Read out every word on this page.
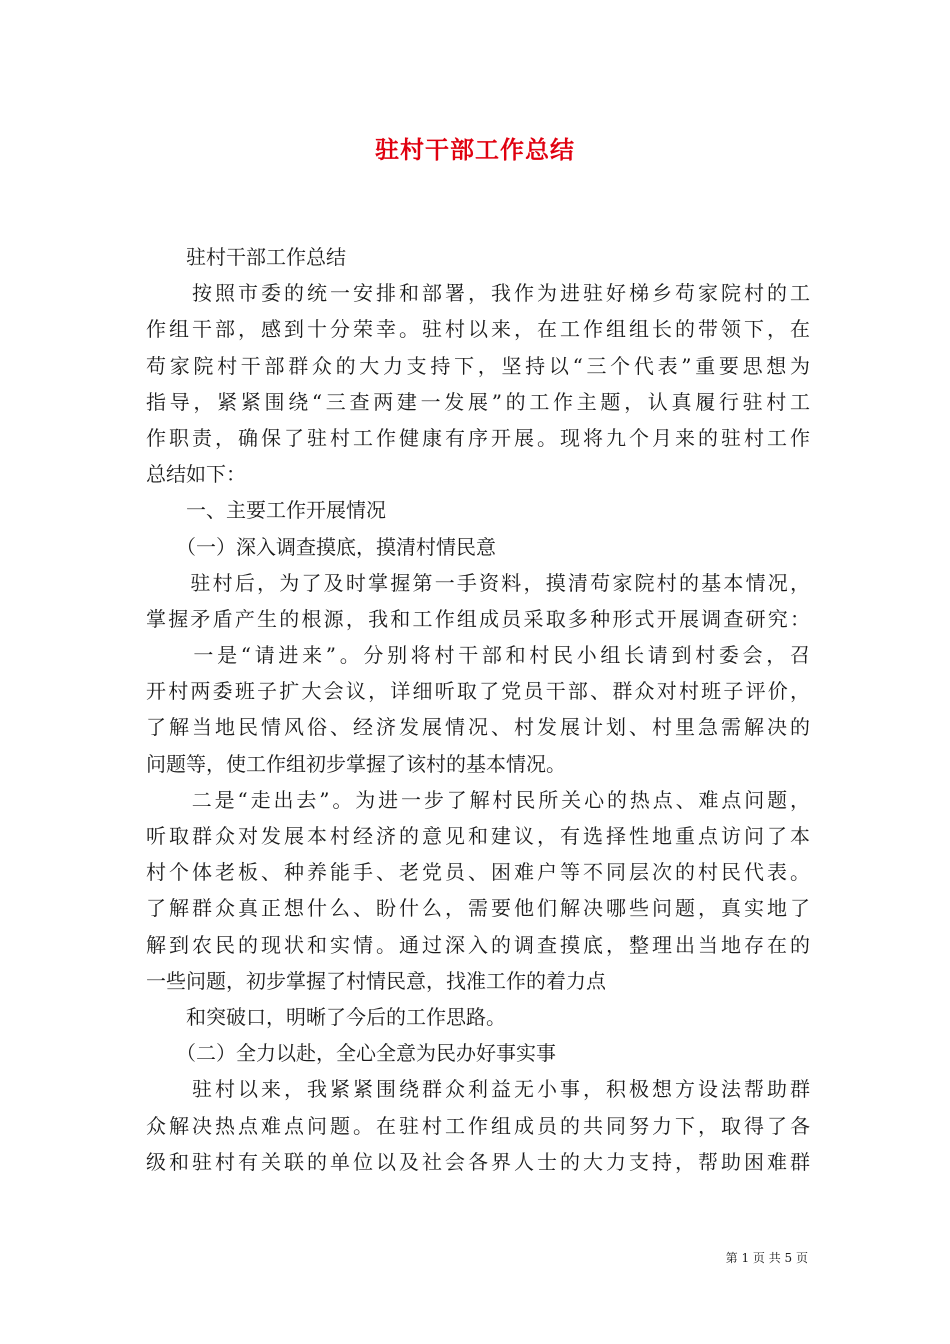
驻村干部工作总结
　　驻村干部工作总结
　　按照市委的统一安排和部署，我作为进驻好梯乡苟家院村的工
作组干部，感到十分荣幸。驻村以来，在工作组组长的带领下，在
苟家院村干部群众的大力支持下，坚持以“三个代表”重要思想为
指导，紧紧围绕“三查两建一发展”的工作主题，认真履行驻村工
作职责，确保了驻村工作健康有序开展。现将九个月来的驻村工作
总结如下：
　　一、主要工作开展情况
　　（一）深入调查摸底，摸清村情民意
　　驻村后，为了及时掌握第一手资料，摸清苟家院村的基本情况，
掌握矛盾产生的根源，我和工作组成员采取多种形式开展调查研究：
　　一是“请进来”。分别将村干部和村民小组长请到村委会，召
开村两委班子扩大会议，详细听取了党员干部、群众对村班子评价，
了解当地民情风俗、经济发展情况、村发展计划、村里急需解决的
问题等，使工作组初步掌握了该村的基本情况。
　　二是“走出去”。为进一步了解村民所关心的热点、难点问题，
听取群众对发展本村经济的意见和建议，有选择性地重点访问了本
村个体老板、种养能手、老党员、困难户等不同层次的村民代表。
了解群众真正想什么、盼什么，需要他们解决哪些问题，真实地了
解到农民的现状和实情。通过深入的调查摸底，整理出当地存在的
一些问题，初步掌握了村情民意，找准工作的着力点
　　和突破口，明晰了今后的工作思路。
　　（二）全力以赴，全心全意为民办好事实事
　　驻村以来，我紧紧围绕群众利益无小事，积极想方设法帮助群
众解决热点难点问题。在驻村工作组成员的共同努力下，取得了各
级和驻村有关联的单位以及社会各界人士的大力支持，帮助困难群
第 1 页 共 5 页
